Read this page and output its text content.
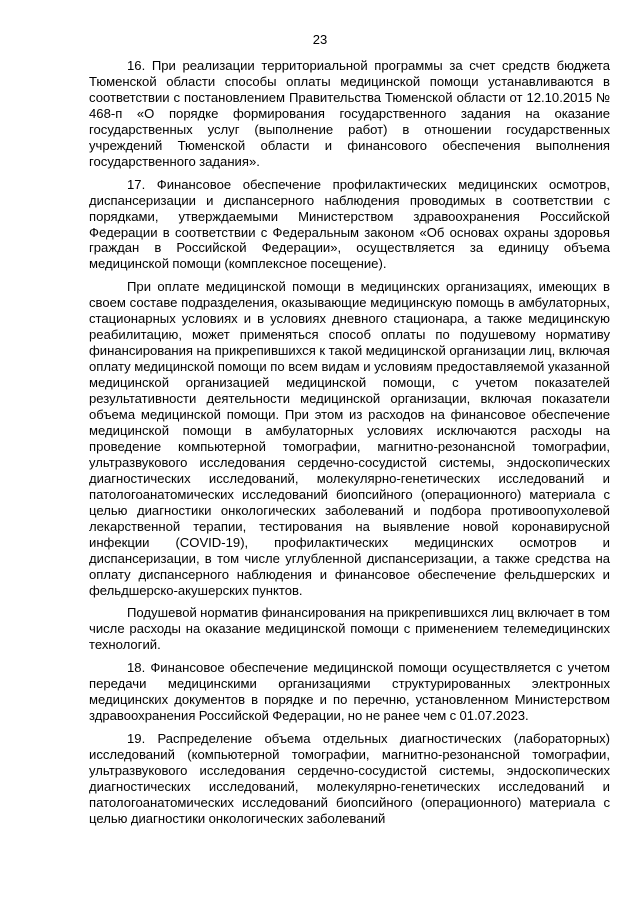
23

16. При реализации территориальной программы за счет средств бюджета Тюменской области способы оплаты медицинской помощи устанавливаются в соответствии с постановлением Правительства Тюменской области от 12.10.2015 № 468-п «О порядке формирования государственного задания на оказание государственных услуг (выполнение работ) в отношении государственных учреждений Тюменской области и финансового обеспечения выполнения государственного задания».

17. Финансовое обеспечение профилактических медицинских осмотров, диспансеризации и диспансерного наблюдения проводимых в соответствии с порядками, утверждаемыми Министерством здравоохранения Российской Федерации в соответствии с Федеральным законом «Об основах охраны здоровья граждан в Российской Федерации», осуществляется за единицу объема медицинской помощи (комплексное посещение).

При оплате медицинской помощи в медицинских организациях, имеющих в своем составе подразделения, оказывающие медицинскую помощь в амбулаторных, стационарных условиях и в условиях дневного стационара, а также медицинскую реабилитацию, может применяться способ оплаты по подушевому нормативу финансирования на прикрепившихся к такой медицинской организации лиц, включая оплату медицинской помощи по всем видам и условиям предоставляемой указанной медицинской организацией медицинской помощи, с учетом показателей результативности деятельности медицинской организации, включая показатели объема медицинской помощи. При этом из расходов на финансовое обеспечение медицинской помощи в амбулаторных условиях исключаются расходы на проведение компьютерной томографии, магнитно-резонансной томографии, ультразвукового исследования сердечно-сосудистой системы, эндоскопических диагностических исследований, молекулярно-генетических исследований и патологоанатомических исследований биопсийного (операционного) материала с целью диагностики онкологических заболеваний и подбора противоопухолевой лекарственной терапии, тестирования на выявление новой коронавирусной инфекции (COVID-19), профилактических медицинских осмотров и диспансеризации, в том числе углубленной диспансеризации, а также средства на оплату диспансерного наблюдения и финансовое обеспечение фельдшерских и фельдшерско-акушерских пунктов.

Подушевой норматив финансирования на прикрепившихся лиц включает в том числе расходы на оказание медицинской помощи с применением телемедицинских технологий.

18. Финансовое обеспечение медицинской помощи осуществляется с учетом передачи медицинскими организациями структурированных электронных медицинских документов в порядке и по перечню, установленном Министерством здравоохранения Российской Федерации, но не ранее чем с 01.07.2023.

19. Распределение объема отдельных диагностических (лабораторных) исследований (компьютерной томографии, магнитно-резонансной томографии, ультразвукового исследования сердечно-сосудистой системы, эндоскопических диагностических исследований, молекулярно-генетических исследований и патологоанатомических исследований биопсийного (операционного) материала с целью диагностики онкологических заболеваний
